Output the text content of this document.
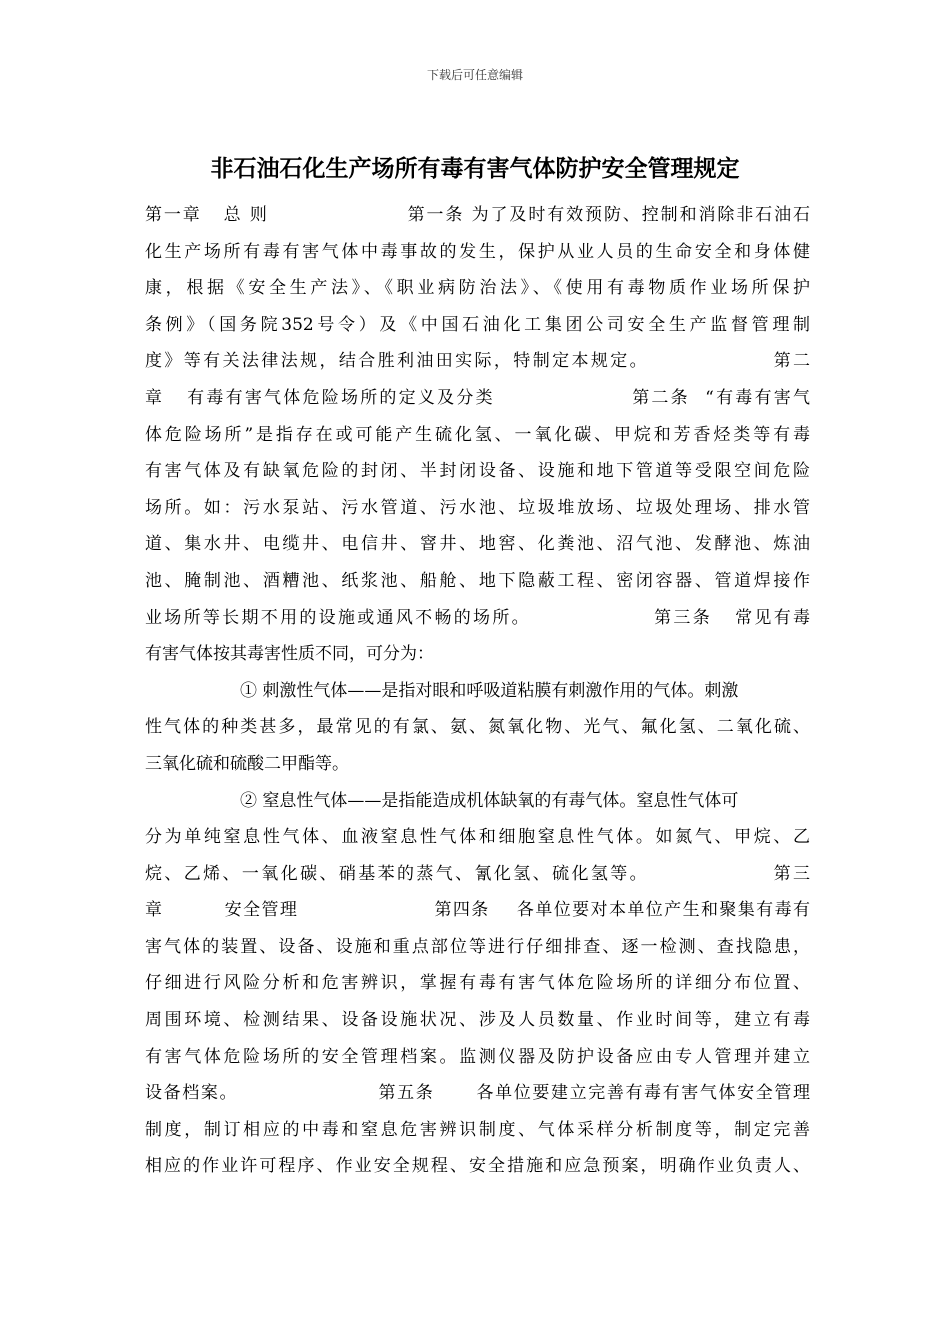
下载后可任意编辑
非石油石化生产场所有毒有害气体防护安全管理规定
第一章   总 则                   第一条 为了及时有效预防、控制和消除非石油石
化生产场所有毒有害气体中毒事故的发生，保护从业人员的生命安全和身体健
康，根据《安全生产法》、《职业病防治法》、《使用有毒物质作业场所保护
条例》（国务院352号令）及《中国石油化工集团公司安全生产监督管理制
度》等有关法律法规，结合胜利油田实际，特制定本规定。                第二
章   有毒有害气体危险场所的定义及分类                  第二条  “有毒有害气
体危险场所”是指存在或可能产生硫化氢、一氧化碳、甲烷和芳香烃类等有毒
有害气体及有缺氧危险的封闭、半封闭设备、设施和地下管道等受限空间危险
场所。如：污水泵站、污水管道、污水池、垃圾堆放场、垃圾处理场、排水管
道、集水井、电缆井、电信井、窨井、地窖、化粪池、沼气池、发酵池、炼油
池、腌制池、酒糟池、纸浆池、船舱、地下隐蔽工程、密闭容器、管道焊接作
业场所等长期不用的设施或通风不畅的场所。                第三条   常见有毒
有害气体按其毒害性质不同，可分为：
① 刺激性气体——是指对眼和呼吸道粘膜有刺激作用的气体。刺激
性气体的种类甚多，最常见的有氯、氨、氮氧化物、光气、氟化氢、二氧化硫、
三氧化硫和硫酸二甲酯等。
② 窒息性气体——是指能造成机体缺氧的有毒气体。窒息性气体可
分为单纯窒息性气体、血液窒息性气体和细胞窒息性气体。如氮气、甲烷、乙
烷、乙烯、一氧化碳、硝基苯的蒸气、氰化氢、硫化氢等。                第三
章         安全管理                    第四条    各单位要对本单位产生和聚集有毒有
害气体的装置、设备、设施和重点部位等进行仔细排查、逐一检测、查找隐患，
仔细进行风险分析和危害辨识，掌握有毒有害气体危险场所的详细分布位置、
周围环境、检测结果、设备设施状况、涉及人员数量、作业时间等，建立有毒
有害气体危险场所的安全管理档案。监测仪器及防护设备应由专人管理并建立
设备档案。                    第五条      各单位要建立完善有毒有害气体安全管理
制度，制订相应的中毒和窒息危害辨识制度、气体采样分析制度等，制定完善
相应的作业许可程序、作业安全规程、安全措施和应急预案，明确作业负责人、
